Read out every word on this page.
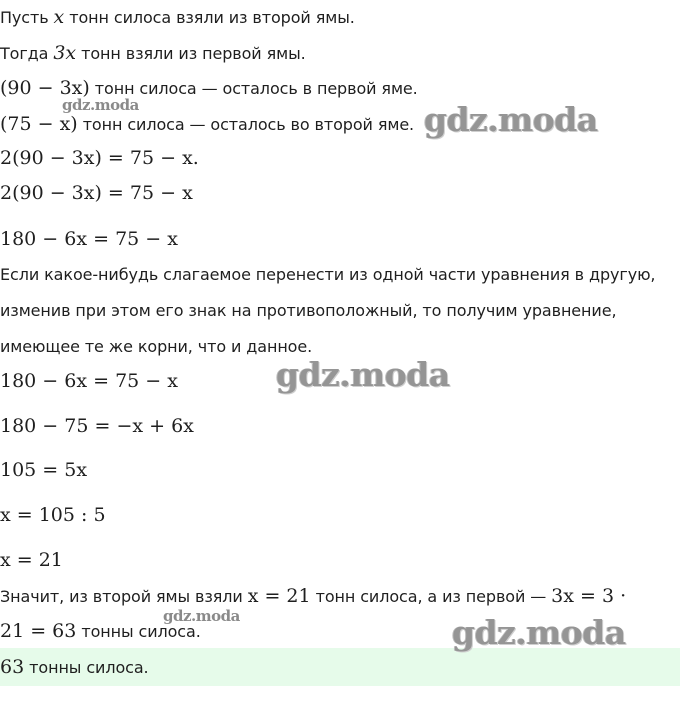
Пусть x тонн силоса взяли из второй ямы.
Тогда 3x тонн взяли из первой ямы.
(90 − 3x) тонн силоса — осталось в первой яме.
(75 − x) тонн силоса — осталось во второй яме.
2(90 − 3x) = 75 − x.
2(90 − 3x) = 75 − x
180 − 6x = 75 − x
Если какое-нибудь слагаемое перенести из одной части уравнения в другую,
изменив при этом его знак на противоположный, то получим уравнение,
имеющее те же корни, что и данное.
180 − 6x = 75 − x
180 − 75 = −x + 6x
105 = 5x
x = 105 : 5
x = 21
Значит, из второй ямы взяли x = 21 тонн силоса, а из первой — 3x = 3 ·
21 = 63 тонны силоса.
63 тонны силоса.
gdz.moda	gdz.moda
gdz.moda
gdz.moda	gdz.moda
